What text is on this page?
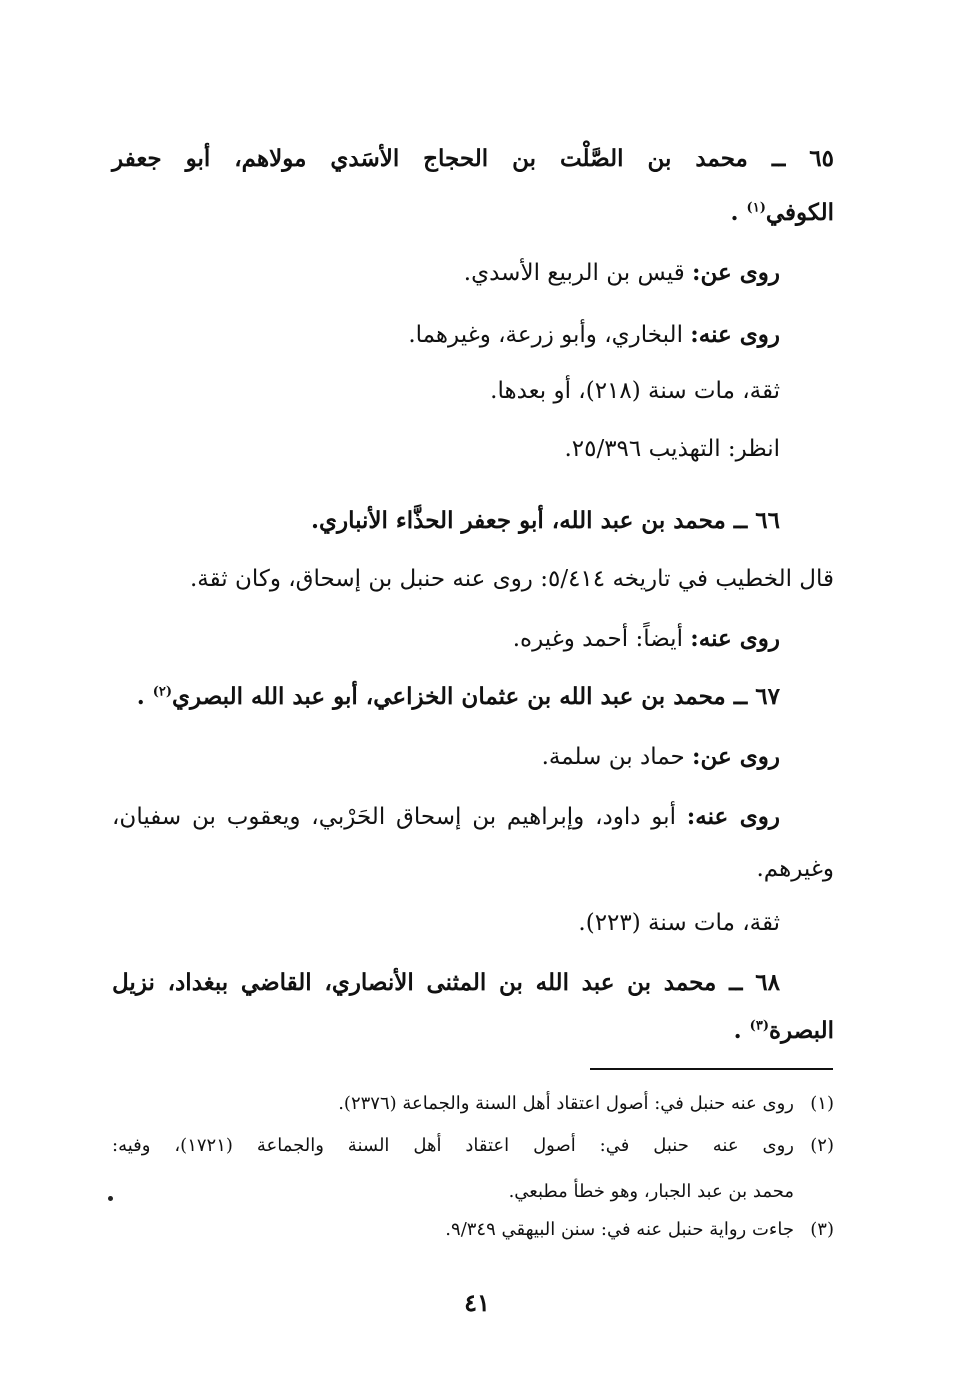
٦٥ ــ محمد بن الصَّلْت بن الحجاج الأسَدي مولاهم، أبو جعفر
الكوفي$^{(١)}$ .
روى عن: قيس بن الربيع الأسدي.
روى عنه: البخاري، وأبو زرعة، وغيرهما.
ثقة، مات سنة (٢١٨)، أو بعدها.
انظر: التهذيب ٢٥/٣٩٦.
٦٦ ــ محمد بن عبد الله، أبو جعفر الحذَّاء الأنباري.
قال الخطيب في تاريخه ٥/٤١٤: روى عنه حنبل بن إسحاق، وكان ثقة.
روى عنه: أيضاً: أحمد وغيره.
٦٧ ــ محمد بن عبد الله بن عثمان الخزاعي، أبو عبد الله البصري$^{(٢)}$ .
روى عن: حماد بن سلمة.
روى عنه: أبو داود، وإبراهيم بن إسحاق الحَرْبي، ويعقوب بن سفيان،
وغيرهم.
ثقة، مات سنة (٢٢٣).
٦٨ ــ محمد بن عبد الله بن المثنى الأنصاري، القاضي ببغداد، نزيل
البصرة$^{(٣)}$ .
(١)روى عنه حنبل في: أصول اعتقاد أهل السنة والجماعة (٢٣٧٦).
(٢)روى عنه حنبل في: أصول اعتقاد أهل السنة والجماعة (١٧٢١)، وفيه:
محمد بن عبد الجبار، وهو خطأ مطبعي.
(٣)جاءت رواية حنبل عنه في: سنن البيهقي ٩/٣٤٩.
٤١
